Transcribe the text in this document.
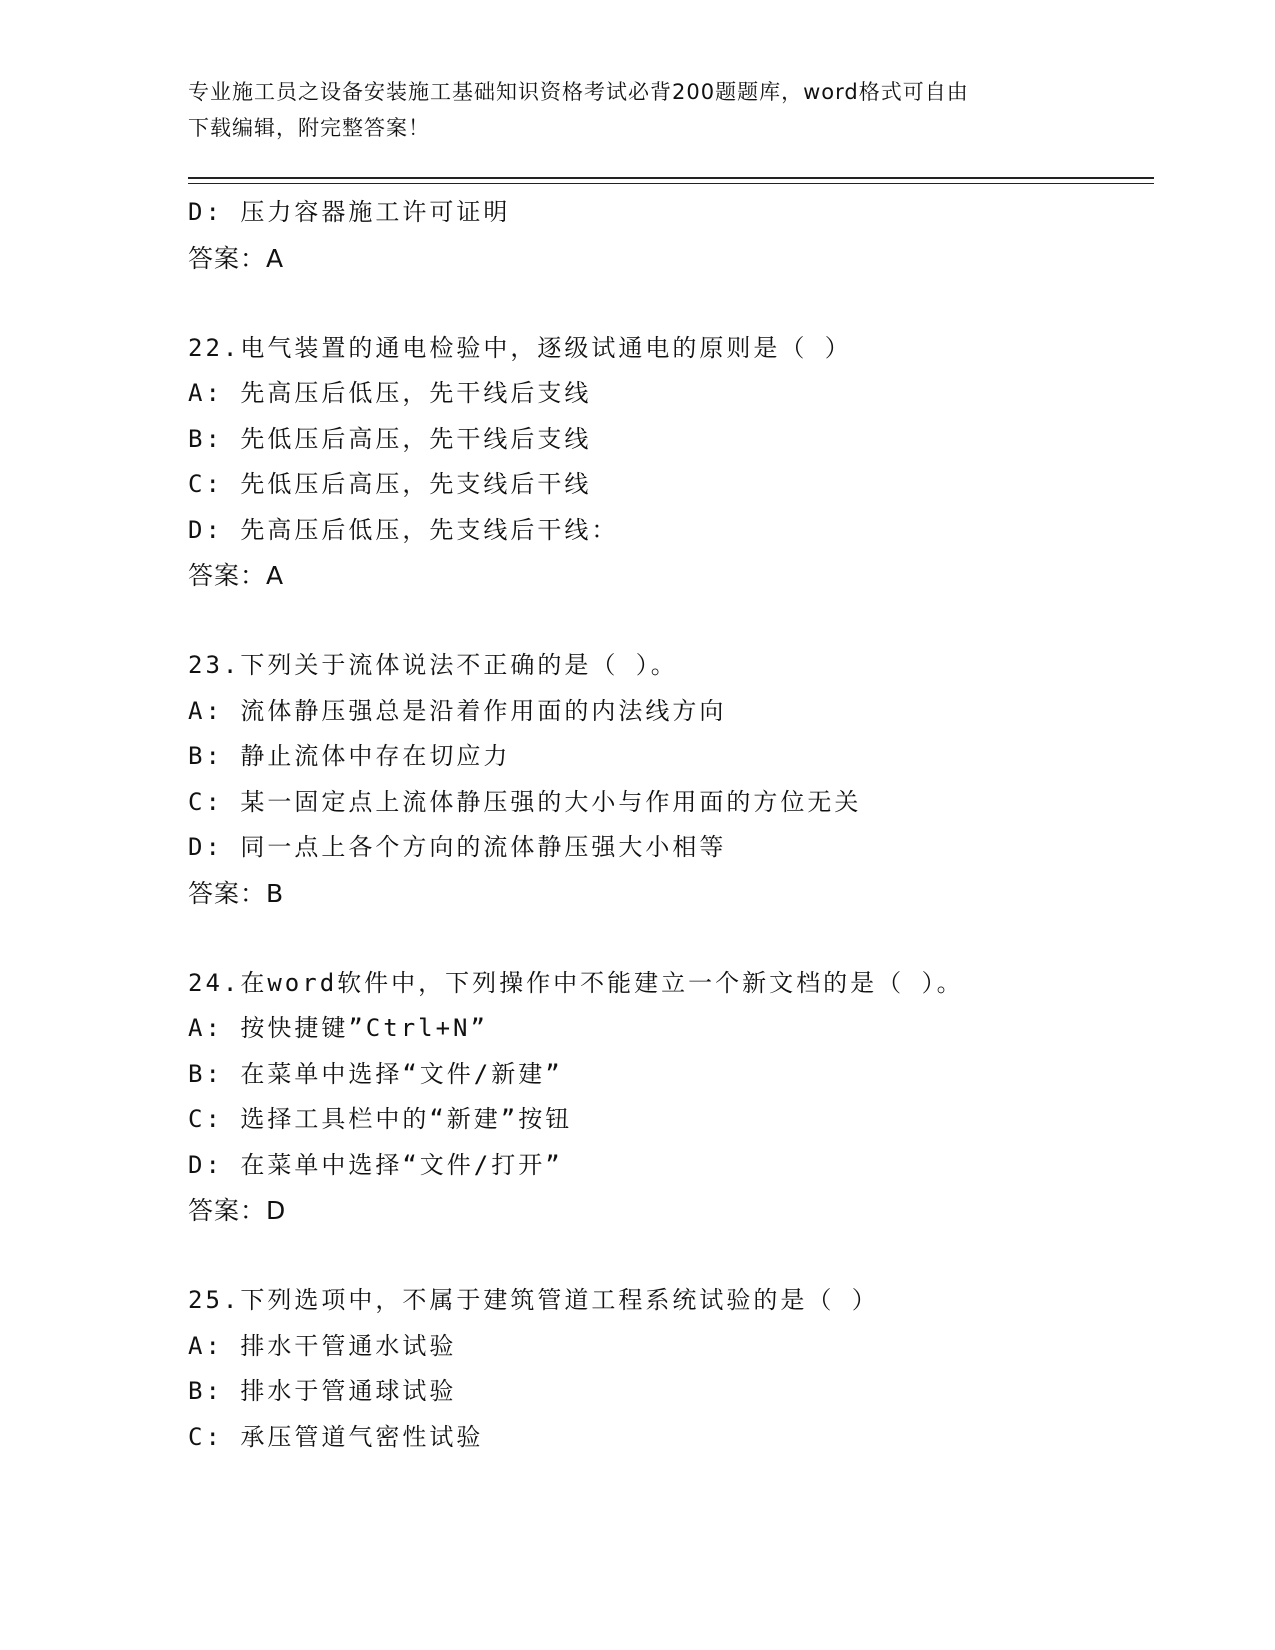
专业施工员之设备安装施工基础知识资格考试必背200题题库，word格式可自由
下载编辑，附完整答案！
D: 压力容器施工许可证明
答案：A
22.电气装置的通电检验中，逐级试通电的原则是（ ）
A: 先高压后低压，先干线后支线
B: 先低压后高压，先干线后支线
C: 先低压后高压，先支线后干线
D: 先高压后低压，先支线后干线：
答案：A
23.下列关于流体说法不正确的是（ ）。
A: 流体静压强总是沿着作用面的内法线方向
B: 静止流体中存在切应力
C: 某一固定点上流体静压强的大小与作用面的方位无关
D: 同一点上各个方向的流体静压强大小相等
答案：B
24.在word软件中，下列操作中不能建立一个新文档的是（ ）。
A: 按快捷键”Ctrl+N”
B: 在菜单中选择“文件/新建”
C: 选择工具栏中的“新建”按钮
D: 在菜单中选择“文件/打开”
答案：D
25.下列选项中，不属于建筑管道工程系统试验的是（ ）
A: 排水干管通水试验
B: 排水于管通球试验
C: 承压管道气密性试验
